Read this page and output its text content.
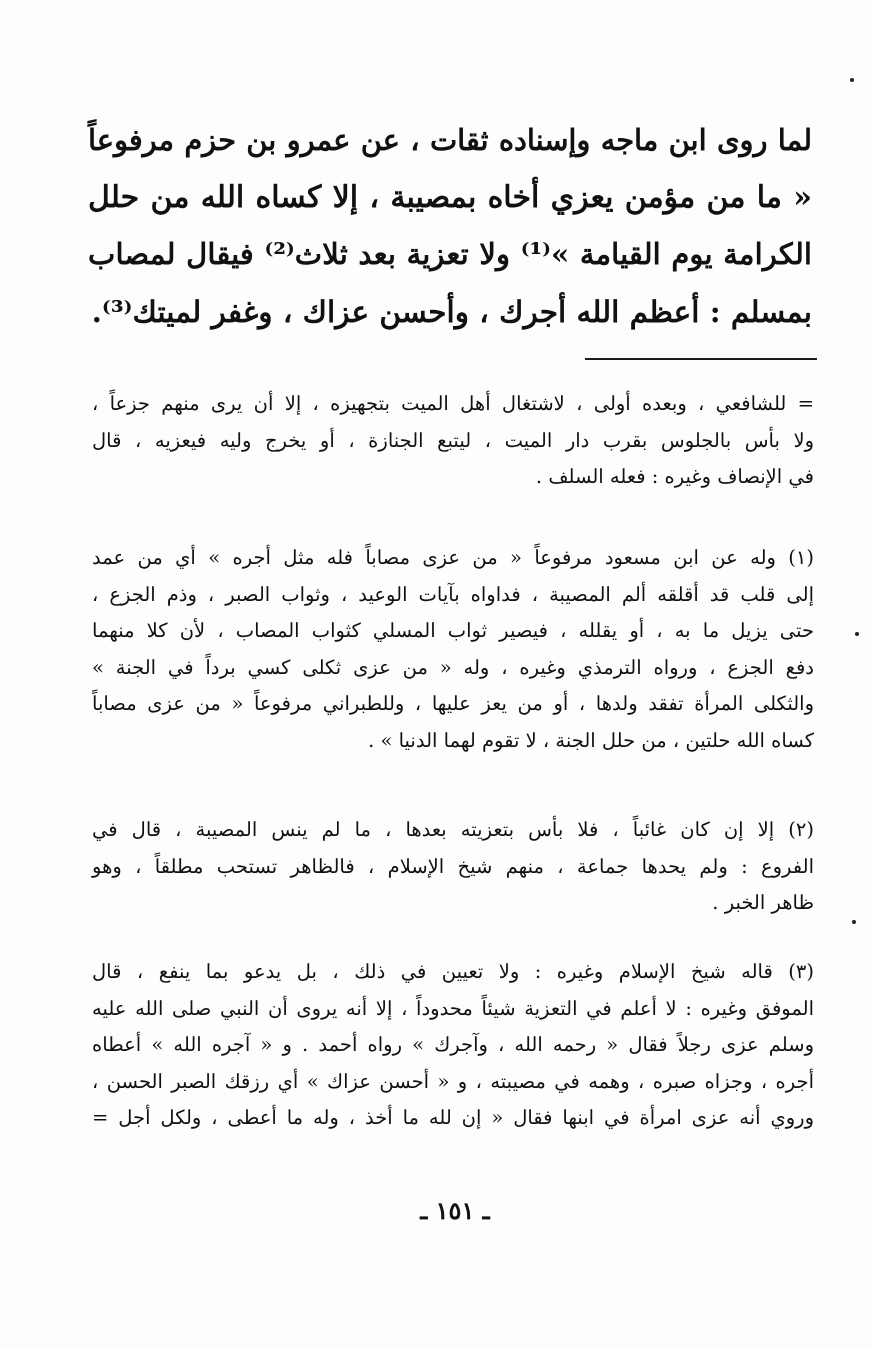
لما روى ابن ماجه وإسناده ثقات ، عن عمرو بن حزم مرفوعاً
« ما من مؤمن يعزي أخاه بمصيبة ، إلا كساه الله من حلل
الكرامة يوم القيامة »⁽¹⁾ ولا تعزية بعد ثلاث⁽²⁾ فيقال لمصاب
بمسلم : أعظم الله أجرك ، وأحسن عزاك ، وغفر لميتك⁽³⁾.
= للشافعي ، وبعده أولى ، لاشتغال أهل الميت بتجهيزه ، إلا أن يرى منهم جزعاً ،
ولا بأس بالجلوس بقرب دار الميت ، ليتبع الجنازة ، أو يخرج وليه فيعزيه ، قال
في الإنصاف وغيره : فعله السلف .
(١) وله عن ابن مسعود مرفوعاً « من عزى مصاباً فله مثل أجره » أي من عمد
إلى قلب قد أقلقه ألم المصيبة ، فداواه بآيات الوعيد ، وثواب الصبر ، وذم الجزع ،
حتى يزيل ما به ، أو يقلله ، فيصير ثواب المسلي كثواب المصاب ، لأن كلا منهما
دفع الجزع ، ورواه الترمذي وغيره ، وله « من عزى ثكلى كسي برداً في الجنة »
والثكلى المرأة تفقد ولدها ، أو من يعز عليها ، وللطبراني مرفوعاً « من عزى مصاباً
كساه الله حلتين ، من حلل الجنة ، لا تقوم لهما الدنيا » .
(٢) إلا إن كان غائباً ، فلا بأس بتعزيته بعدها ، ما لم ينس المصيبة ، قال في
الفروع : ولم يحدها جماعة ، منهم شيخ الإسلام ، فالظاهر تستحب مطلقاً ، وهو
ظاهر الخبر .
(٣) قاله شيخ الإسلام وغيره : ولا تعيين في ذلك ، بل يدعو بما ينفع ، قال
الموفق وغيره : لا أعلم في التعزية شيئاً محدوداً ، إلا أنه يروى أن النبي صلى الله عليه
وسلم عزى رجلاً فقال « رحمه الله ، وآجرك » رواه أحمد . و « آجره الله » أعطاه
أجره ، وجزاه صبره ، وهمه في مصيبته ، و « أحسن عزاك » أي رزقك الصبر الحسن ،
وروي أنه عزى امرأة في ابنها فقال « إن لله ما أخذ ، وله ما أعطى ، ولكل أجل =
ـ ١٥١ ـ
